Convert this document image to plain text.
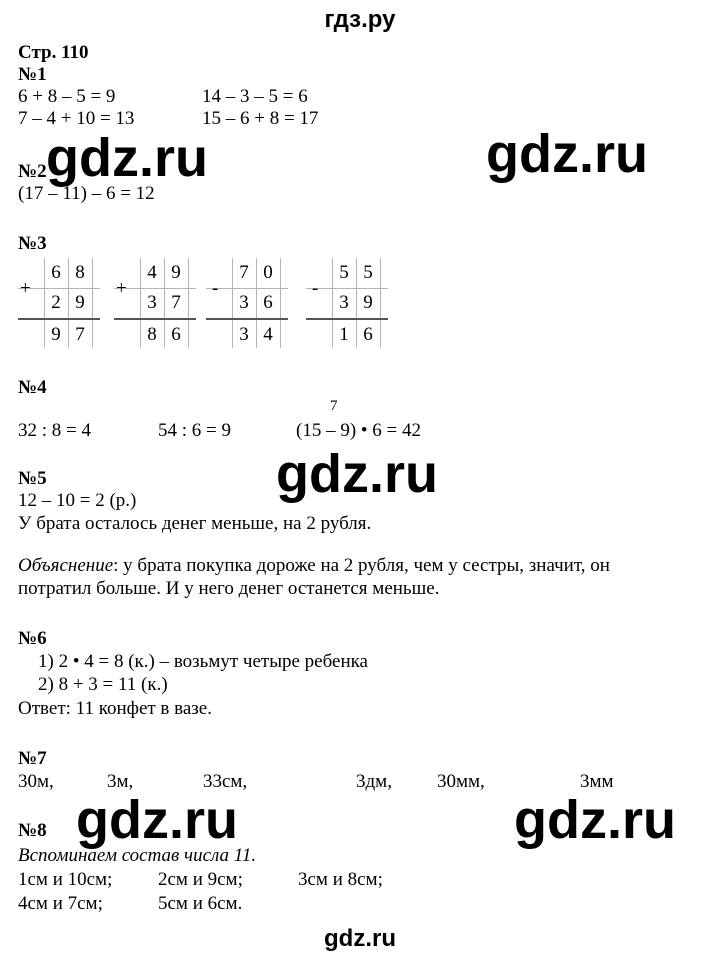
гдз.ру
Стр. 110
№1
6 + 8 – 5 = 9	14 – 3 – 5 = 6
7 – 4 + 10 = 13	15 – 6 + 8 = 17
№2
(17 – 11) – 6 = 12
gdz.ru	gdz.ru
№3
+
6 8
2 9
9 7
+
4 9
3 7
8 6
-
7 0
3 6
3 4
-
5 5
3 9
1 6
№4
7
32 : 8 = 4	54 : 6 = 9	(15 – 9) • 6 = 42
gdz.ru
№5
12 – 10 = 2 (р.)
У брата осталось денег меньше, на 2 рубля.
Объяснение: у брата покупка дороже на 2 рубля, чем у сестры, значит, он
потратил больше. И у него денег останется меньше.
№6
1) 2 • 4 = 8 (к.) – возьмут четыре ребенка
2) 8 + 3 = 11 (к.)
Ответ: 11 конфет в вазе.
№7
30м,	3м,	33см,	3дм, 30мм,	3мм
gdz.ru	gdz.ru
№8
Вспоминаем состав числа 11.
1см и 10см; 2см и 9см;	3см и 8см;
4см и 7см;	5см и 6см.
gdz.ru
